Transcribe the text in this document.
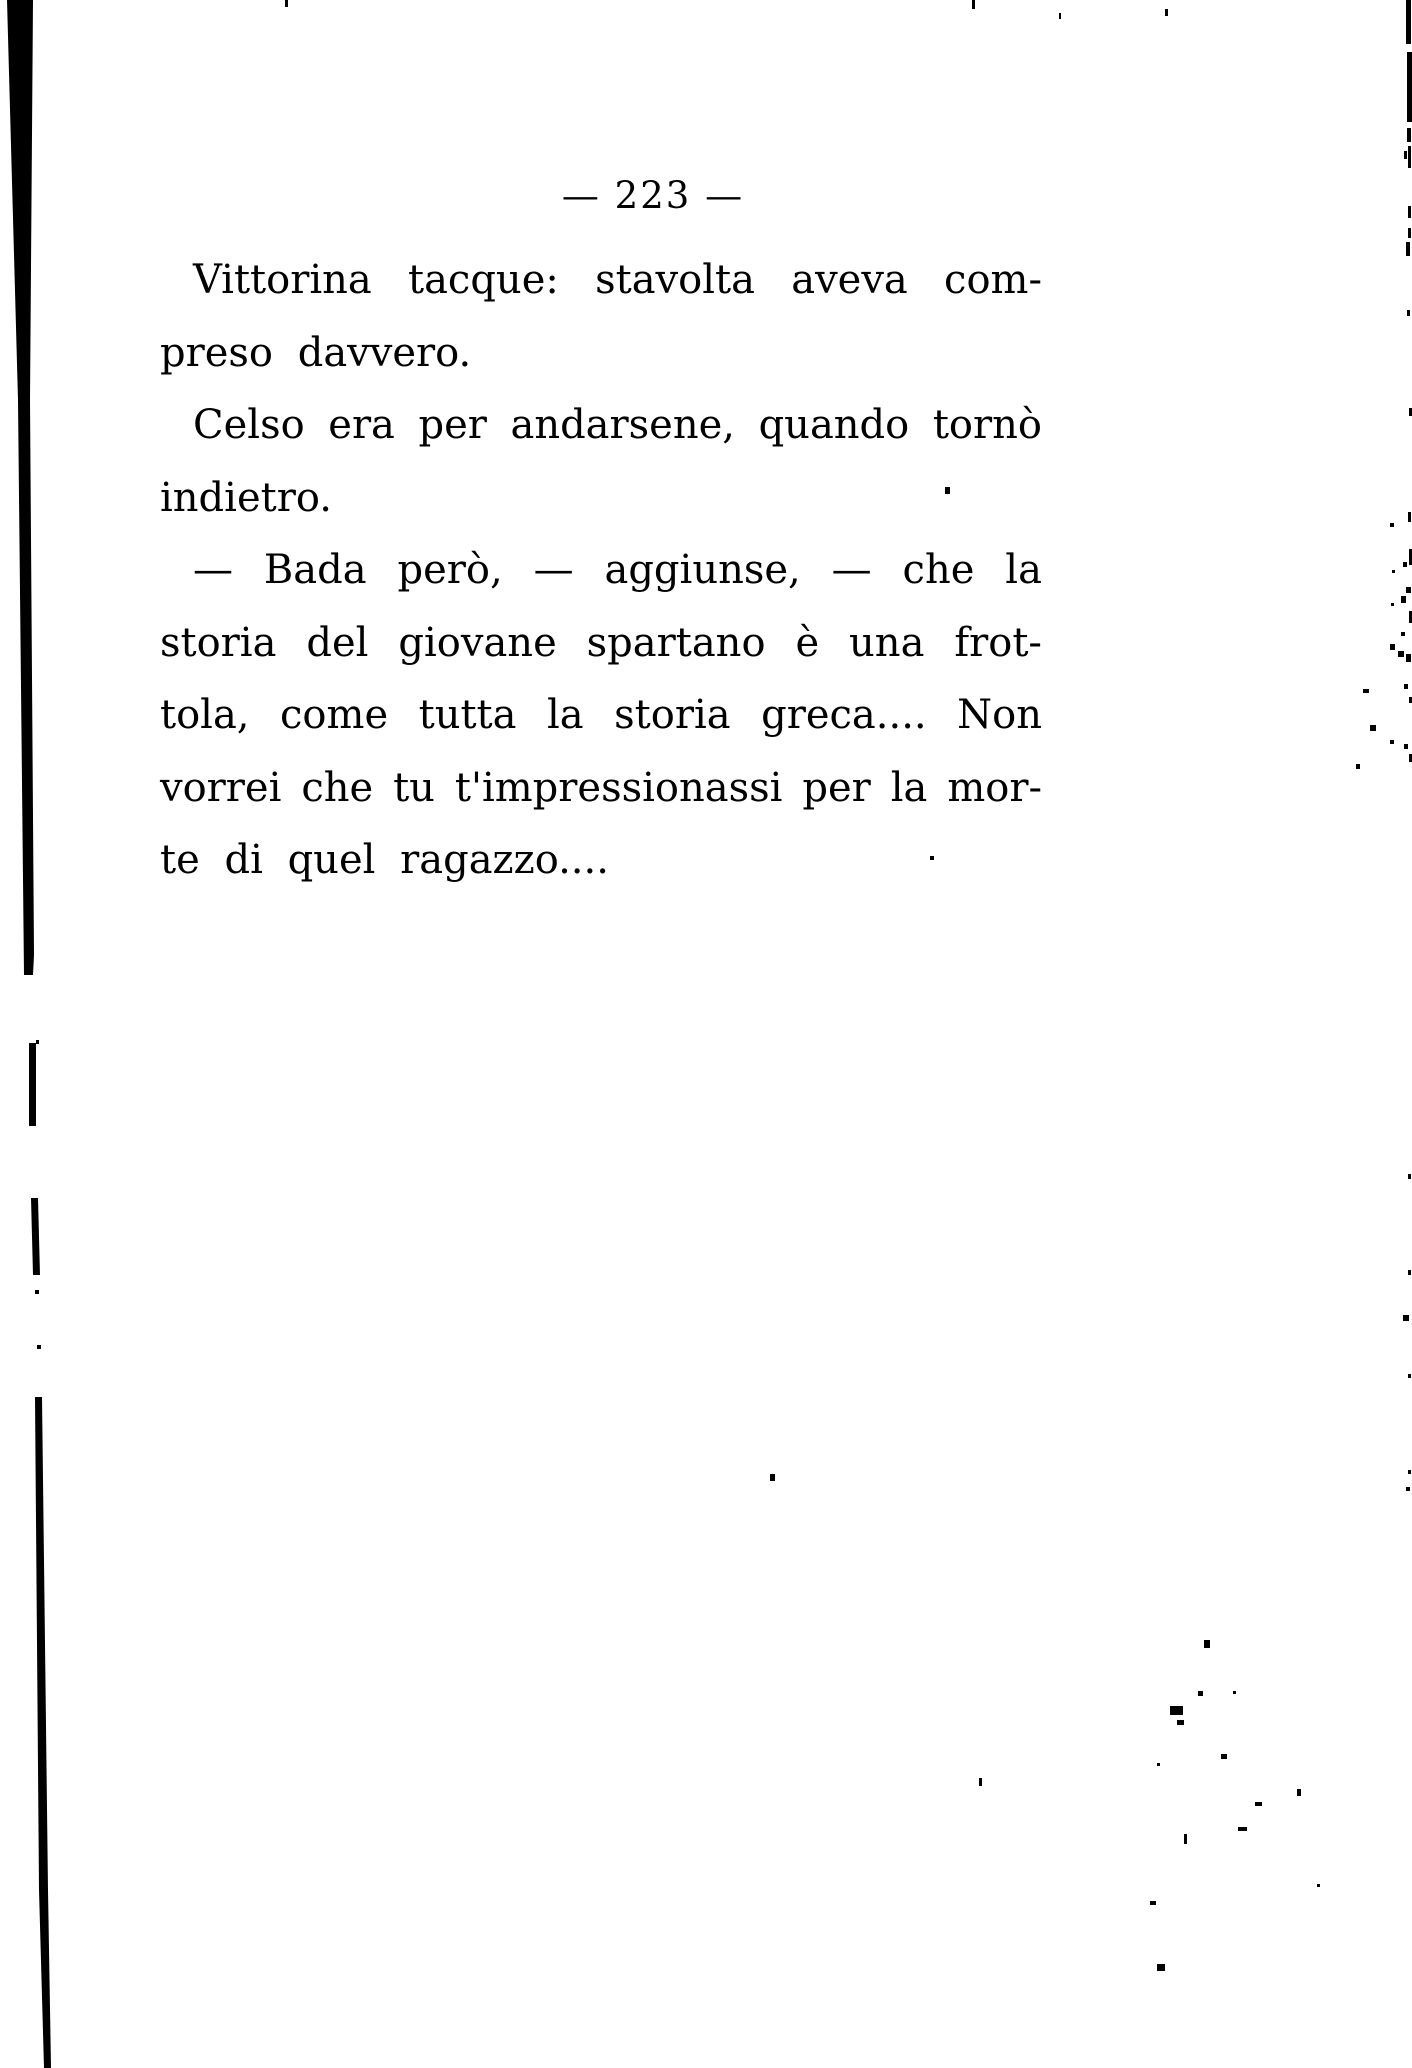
— 223 —
Vittorina tacque: stavolta aveva com-
preso davvero.
Celso era per andarsene, quando tornò
indietro.
— Bada però, — aggiunse, — che la
storia del giovane spartano è una frot-
tola, come tutta la storia greca.... Non
vorrei che tu t'impressionassi per la mor-
te di quel ragazzo....
